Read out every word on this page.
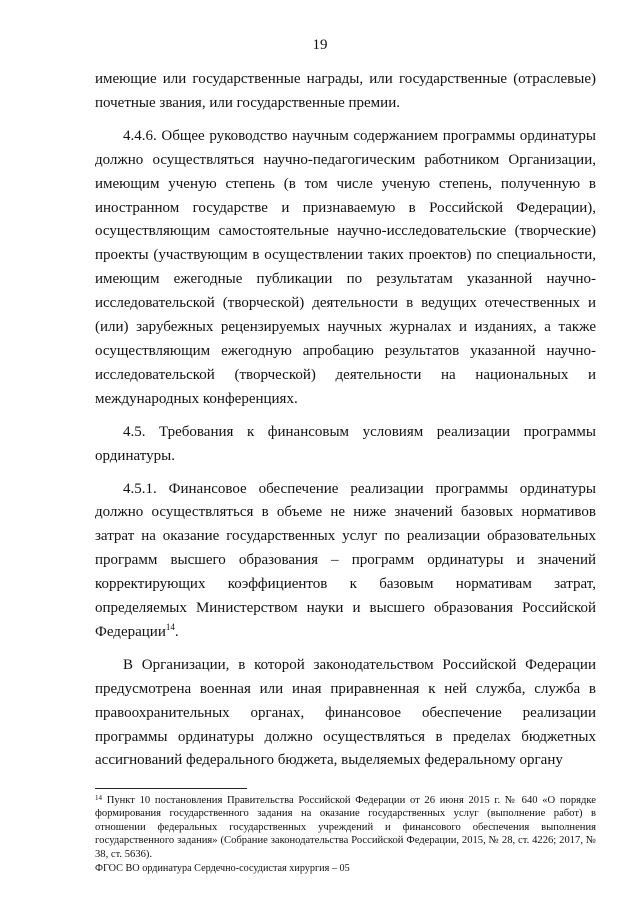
19

имеющие или государственные награды, или государственные (отраслевые) почетные звания, или государственные премии.

4.4.6. Общее руководство научным содержанием программы ординатуры должно осуществляться научно-педагогическим работником Организации, имеющим ученую степень (в том числе ученую степень, полученную в иностранном государстве и признаваемую в Российской Федерации), осуществляющим самостоятельные научно-исследовательские (творческие) проекты (участвующим в осуществлении таких проектов) по специальности, имеющим ежегодные публикации по результатам указанной научно-исследовательской (творческой) деятельности в ведущих отечественных и (или) зарубежных рецензируемых научных журналах и изданиях, а также осуществляющим ежегодную апробацию результатов указанной научно-исследовательской (творческой) деятельности на национальных и международных конференциях.

4.5. Требования к финансовым условиям реализации программы ординатуры.

4.5.1. Финансовое обеспечение реализации программы ординатуры должно осуществляться в объеме не ниже значений базовых нормативов затрат на оказание государственных услуг по реализации образовательных программ высшего образования – программ ординатуры и значений корректирующих коэффициентов к базовым нормативам затрат, определяемых Министерством науки и высшего образования Российской Федерации$^{14}$.

В Организации, в которой законодательством Российской Федерации предусмотрена военная или иная приравненная к ней служба, служба в правоохранительных органах, финансовое обеспечение реализации программы ординатуры должно осуществляться в пределах бюджетных ассигнований федерального бюджета, выделяемых федеральному органу

$^{14}$ Пункт 10 постановления Правительства Российской Федерации от 26 июня 2015 г. № 640 «О порядке формирования государственного задания на оказание государственных услуг (выполнение работ) в отношении федеральных государственных учреждений и финансового обеспечения выполнения государственного задания» (Собрание законодательства Российской Федерации, 2015, № 28, ст. 4226; 2017, № 38, ст. 5636).
ФГОС ВО ординатура Сердечно-сосудистая хирургия – 05
